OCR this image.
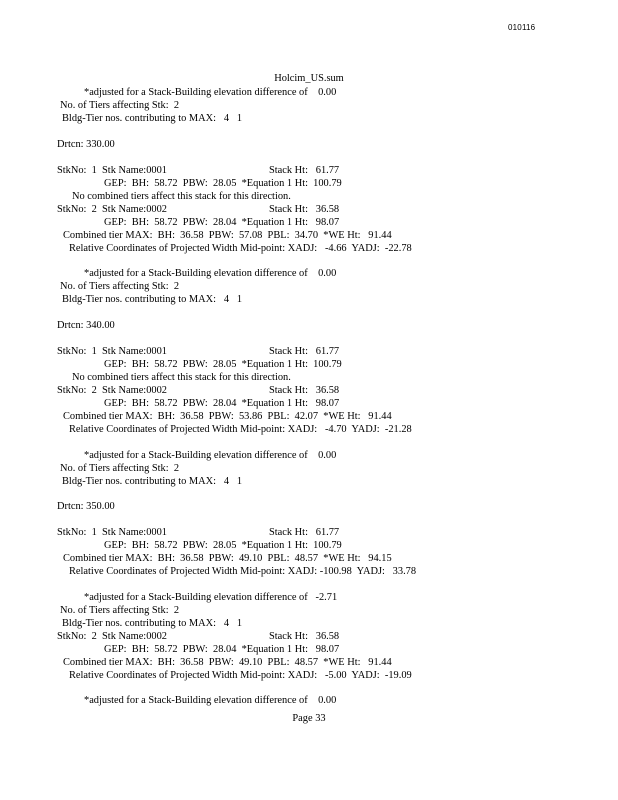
010116
Holcim_US.sum
*adjusted for a Stack-Building elevation difference of    0.00
No. of Tiers affecting Stk:  2
Bldg-Tier nos. contributing to MAX:   4   1
Drtcn: 330.00
StkNo:  1  Stk Name:0001	Stack Ht:   61.77
GEP:  BH:  58.72  PBW:  28.05  *Equation 1 Ht:  100.79
No combined tiers affect this stack for this direction.
StkNo:  2  Stk Name:0002	Stack Ht:   36.58
GEP:  BH:  58.72  PBW:  28.04  *Equation 1 Ht:   98.07
Combined tier MAX:  BH:  36.58  PBW:  57.08  PBL:  34.70  *WE Ht:   91.44
Relative Coordinates of Projected Width Mid-point: XADJ:   -4.66  YADJ:  -22.78
*adjusted for a Stack-Building elevation difference of    0.00
No. of Tiers affecting Stk:  2
Bldg-Tier nos. contributing to MAX:   4   1
Drtcn: 340.00
StkNo:  1  Stk Name:0001	Stack Ht:   61.77
GEP:  BH:  58.72  PBW:  28.05  *Equation 1 Ht:  100.79
No combined tiers affect this stack for this direction.
StkNo:  2  Stk Name:0002	Stack Ht:   36.58
GEP:  BH:  58.72  PBW:  28.04  *Equation 1 Ht:   98.07
Combined tier MAX:  BH:  36.58  PBW:  53.86  PBL:  42.07  *WE Ht:   91.44
Relative Coordinates of Projected Width Mid-point: XADJ:   -4.70  YADJ:  -21.28
*adjusted for a Stack-Building elevation difference of    0.00
No. of Tiers affecting Stk:  2
Bldg-Tier nos. contributing to MAX:   4   1
Drtcn: 350.00
StkNo:  1  Stk Name:0001	Stack Ht:   61.77
GEP:  BH:  58.72  PBW:  28.05  *Equation 1 Ht:  100.79
Combined tier MAX:  BH:  36.58  PBW:  49.10  PBL:  48.57  *WE Ht:   94.15
Relative Coordinates of Projected Width Mid-point: XADJ: -100.98  YADJ:   33.78
*adjusted for a Stack-Building elevation difference of   -2.71
No. of Tiers affecting Stk:  2
Bldg-Tier nos. contributing to MAX:   4   1
StkNo:  2  Stk Name:0002	Stack Ht:   36.58
GEP:  BH:  58.72  PBW:  28.04  *Equation 1 Ht:   98.07
Combined tier MAX:  BH:  36.58  PBW:  49.10  PBL:  48.57  *WE Ht:   91.44
Relative Coordinates of Projected Width Mid-point: XADJ:   -5.00  YADJ:  -19.09
*adjusted for a Stack-Building elevation difference of    0.00
Page 33
